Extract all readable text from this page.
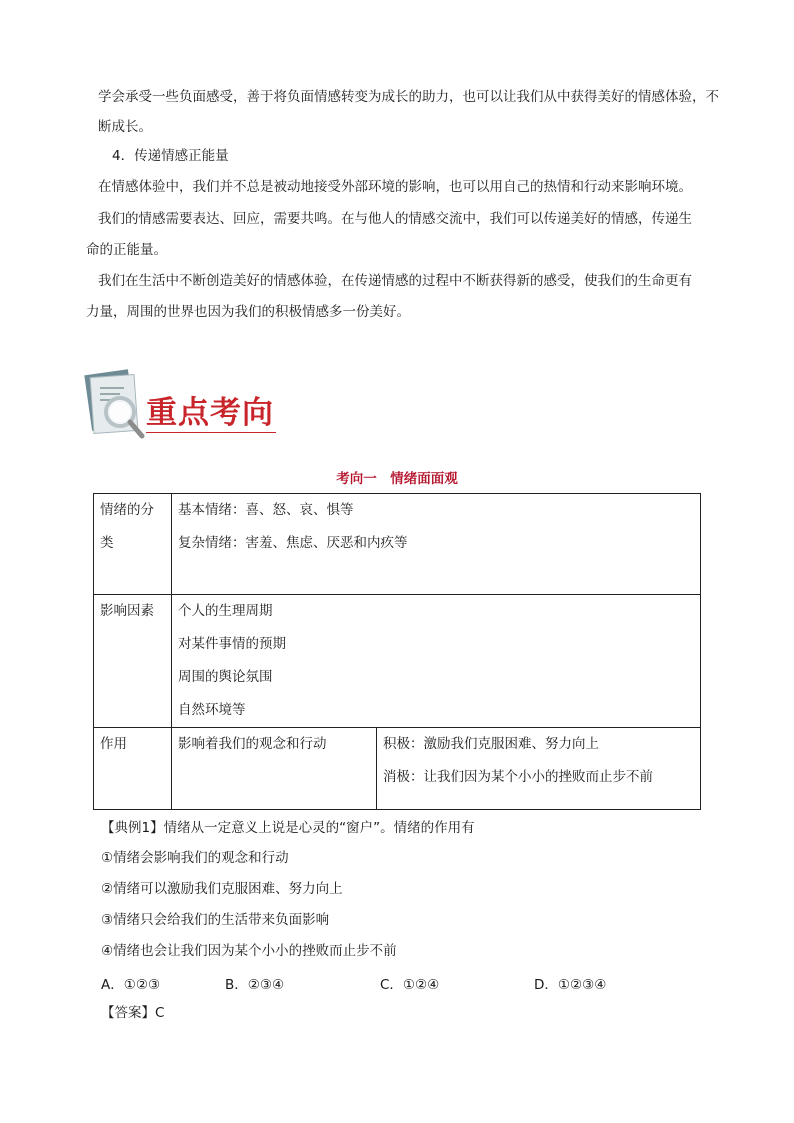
学会承受一些负面感受，善于将负面情感转变为成长的助力，也可以让我们从中获得美好的情感体验，不断成长。
4．传递情感正能量
在情感体验中，我们并不总是被动地接受外部环境的影响，也可以用自己的热情和行动来影响环境。
我们的情感需要表达、回应，需要共鸣。在与他人的情感交流中，我们可以传递美好的情感，传递生
命的正能量。
我们在生活中不断创造美好的情感体验，在传递情感的过程中不断获得新的感受，使我们的生命更有
力量，周围的世界也因为我们的积极情感多一份美好。
重点考向
考向一　情绪面面观
情绪的分类	基本情绪：喜、怒、哀、惧等
复杂情绪：害羞、焦虑、厌恶和内疚等	

影响因素	个人的生理周期
对某件事情的预期
周围的舆论氛围
自然环境等	

作用	影响着我们的观念和行动	积极：激励我们克服困难、努力向上
消极：让我们因为某个小小的挫败而止步不前
【典例1】情绪从一定意义上说是心灵的“窗户”。情绪的作用有
①情绪会影响我们的观念和行动
②情绪可以激励我们克服困难、努力向上
③情绪只会给我们的生活带来负面影响
④情绪也会让我们因为某个小小的挫败而止步不前
A．①②③	B．②③④	C．①②④	D．①②③④
【答案】C
